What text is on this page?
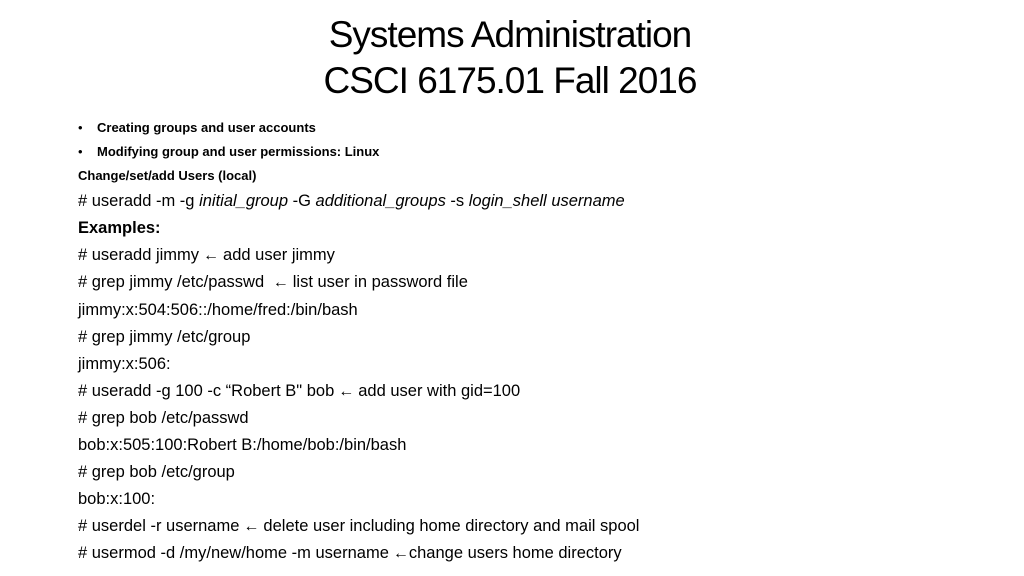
Systems Administration
CSCI 6175.01 Fall 2016
• Creating groups and user accounts
• Modifying group and user permissions: Linux
Change/set/add Users (local)
# useradd -m -g initial_group -G additional_groups -s login_shell username
Examples:
# useradd jimmy ← add user jimmy
# grep jimmy /etc/passwd ← list user in password file
jimmy:x:504:506::/home/fred:/bin/bash
# grep jimmy /etc/group
jimmy:x:506:
# useradd -g 100 -c “Robert B" bob ← add user with gid=100
# grep bob /etc/passwd
bob:x:505:100:Robert B:/home/bob:/bin/bash
# grep bob /etc/group
bob:x:100:
# userdel -r username ← delete user including home directory and mail spool
# usermod -d /my/new/home -m username ←change users home directory
